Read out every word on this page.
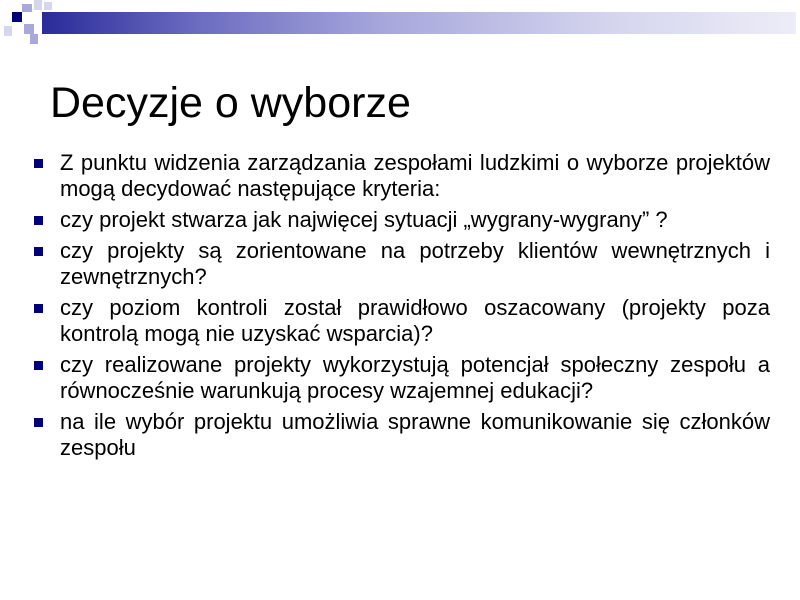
Decyzje o wyborze
Z punktu widzenia zarządzania zespołami ludzkimi o wyborze projektów mogą decydować następujące kryteria:
czy projekt stwarza jak najwięcej sytuacji „wygrany-wygrany” ?
czy projekty są zorientowane na potrzeby klientów wewnętrznych i zewnętrznych?
czy poziom kontroli został prawidłowo oszacowany (projekty poza kontrolą mogą nie uzyskać wsparcia)?
czy realizowane projekty wykorzystują potencjał społeczny zespołu a równocześnie warunkują procesy wzajemnej edukacji?
na ile wybór projektu umożliwia sprawne komunikowanie się członków zespołu
